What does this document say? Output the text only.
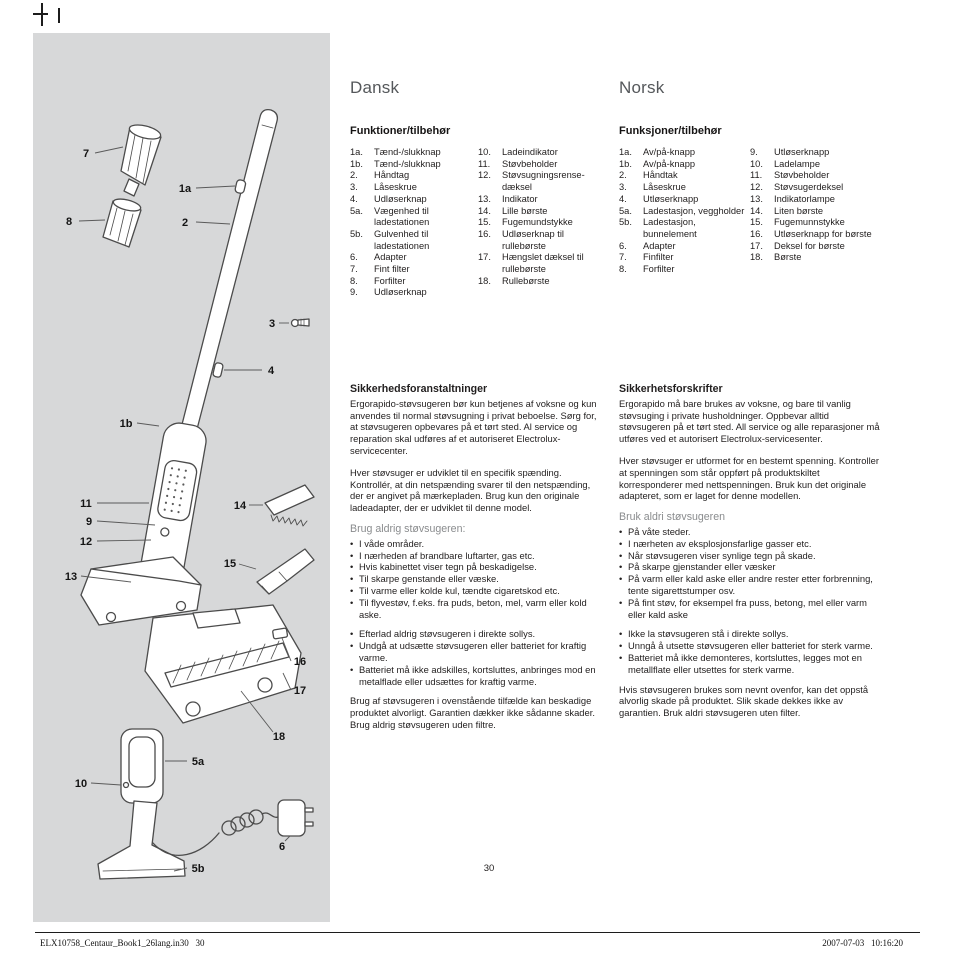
7
1a
8	2
3
4
1b
11	14
9
12
15
13
16
17
18
5a
10
6
5b
Dansk
Funktioner/tilbehør
1a.	Tænd-/slukknap
1b.	Tænd-/slukknap
2.	Håndtag
3.	Låseskrue
4.	Udløserknap
5a.	Vægenhed til ladestationen
5b.	Gulvenhed til ladestationen
6.	Adapter
7.	Fint filter
8.	Forfilter
9.	Udløserknap
10.	Ladeindikator
11.	Støvbeholder
12.	Støvsugningsrense-dæksel
13.	Indikator
14.	Lille børste
15.	Fugemundstykke
16.	Udløserknap til rullebørste
17.	Hængslet dæksel til rullebørste
18.	Rullebørste
Norsk
Funksjoner/tilbehør
1a.	Av/på-knapp
1b.	Av/på-knapp
2.	Håndtak
3.	Låseskrue
4.	Utløserknapp
5a.	Ladestasjon, veggholder
5b.	Ladestasjon, bunnelement
6.	Adapter
7.	Finfilter
8.	Forfilter
9.	Utløserknapp
10.	Ladelampe
11.	Støvbeholder
12.	Støvsugerdeksel
13.	Indikatorlampe
14.	Liten børste
15.	Fugemunnstykke
16.	Utløserknapp for børste
17.	Deksel for børste
18.	Børste
Sikkerhedsforanstaltninger

Ergorapido-støvsugeren bør kun betjenes af voksne og kun anvendes til normal støvsugning i privat beboelse. Sørg for, at støvsugeren opbevares på et tørt sted. Al service og reparation skal udføres af et autoriseret Electrolux-servicecenter.

Hver støvsuger er udviklet til en specifik spænding. Kontrollér, at din netspænding svarer til den netspænding, der er angivet på mærkepladen. Brug kun den originale ladeadapter, der er udviklet til denne model.

Brug aldrig støvsugeren:
• I våde områder.
• I nærheden af brandbare luftarter, gas etc.
• Hvis kabinettet viser tegn på beskadigelse.
• Til skarpe genstande eller væske.
• Til varme eller kolde kul, tændte cigaretskod etc.
• Til flyvestøv, f.eks. fra puds, beton, mel, varm eller kold aske.
• Efterlad aldrig støvsugeren i direkte sollys.
• Undgå at udsætte støvsugeren eller batteriet for kraftig varme.
• Batteriet må ikke adskilles, kortsluttes, anbringes mod en metalflade eller udsættes for kraftig varme.

Brug af støvsugeren i ovenstående tilfælde kan beskadige produktet alvorligt. Garantien dækker ikke sådanne skader. Brug aldrig støvsugeren uden filtre.

Sikkerhetsforskrifter

Ergorapido må bare brukes av voksne, og bare til vanlig støvsuging i private husholdninger. Oppbevar alltid støvsugeren på et tørt sted. All service og alle reparasjoner må utføres ved et autorisert Electrolux-servicesenter.

Hver støvsuger er utformet for en bestemt spenning. Kontroller at spenningen som står oppført på produktskiltet korresponderer med nettspenningen. Bruk kun det originale adapteret, som er laget for denne modellen.

Bruk aldri støvsugeren
• På våte steder.
• I nærheten av eksplosjonsfarlige gasser etc.
• Når støvsugeren viser synlige tegn på skade.
• På skarpe gjenstander eller væsker
• På varm eller kald aske eller andre rester etter forbrenning, tente sigarettstumper osv.
• På fint støv, for eksempel fra puss, betong, mel eller varm eller kald aske
• Ikke la støvsugeren stå i direkte sollys.
• Unngå å utsette støvsugeren eller batteriet for sterk varme.
• Batteriet må ikke demonteres, kortsluttes, legges mot en metallflate eller utsettes for sterk varme.

Hvis støvsugeren brukes som nevnt ovenfor, kan det oppstå alvorlig skade på produktet. Slik skade dekkes ikke av garantien. Bruk aldri støvsugeren uten filter.

30
ELX10758_Centaur_Book1_26lang.in30   30	2007-07-03   10:16:20
